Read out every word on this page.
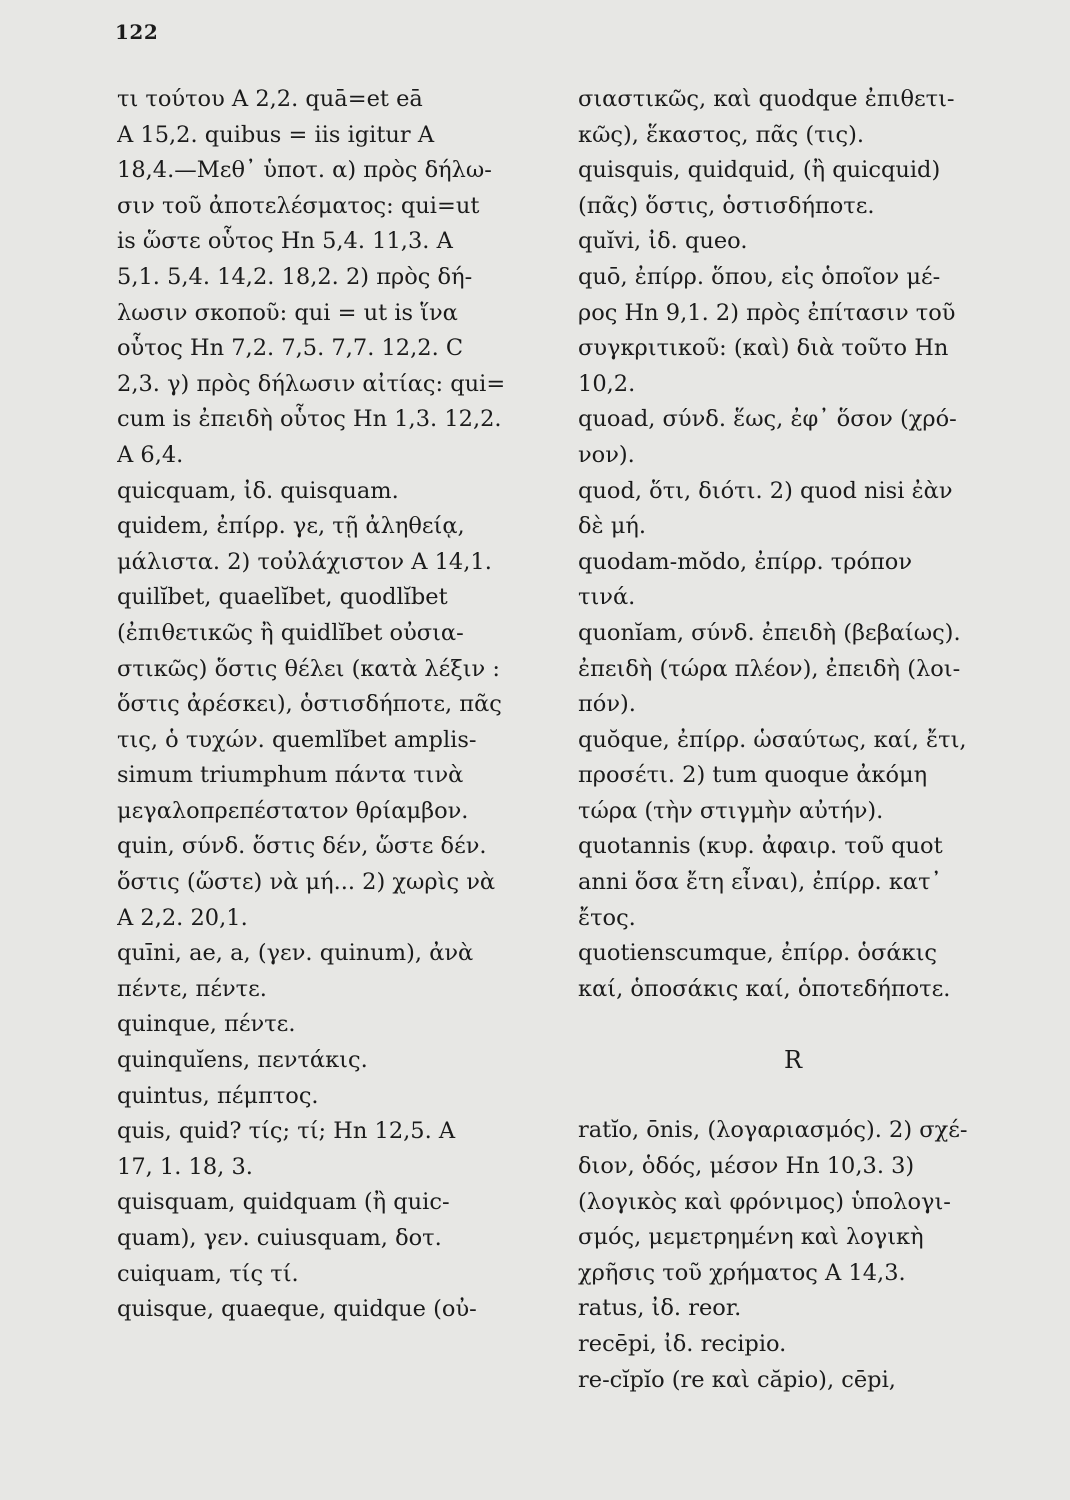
122
τι τούτου Α 2,2. quā=et eā
Α 15,2. quibus = iis igitur A
18,4.—Μεθ᾽ ὑποτ. α) πρὸς δήλω-
σιν τοῦ ἀποτελέσματος: qui=ut
is ὥστε οὗτος Hn 5,4. 11,3. A
5,1. 5,4. 14,2. 18,2. 2) πρὸς δή-
λωσιν σκοποῦ: qui = ut is ἵνα
οὗτος Hn 7,2. 7,5. 7,7. 12,2. C
2,3. γ) πρὸς δήλωσιν αἰτίας: qui=
cum is ἐπειδὴ οὗτος Hn 1,3. 12,2.
A 6,4.
quicquam, ἰδ. quisquam.
quidem, ἐπίρρ. γε, τῇ ἀληθείᾳ,
μάλιστα. 2) τοὐλάχιστον A 14,1.
quilĭbet, quaelĭbet, quodlĭbet
(ἐπιθετικῶς ἢ quidlĭbet οὐσια-
στικῶς) ὅστις θέλει (κατὰ λέξιν :
ὅστις ἀρέσκει), ὁστισδήποτε, πᾶς
τις, ὁ τυχών. quemlĭbet amplis-
simum triumphum πάντα τινὰ
μεγαλοπρεπέστατον θρίαμβον.
quin, σύνδ. ὅστις δέν, ὥστε δέν.
ὅστις (ὥστε) νὰ μή... 2) χωρὶς νὰ
A 2,2. 20,1.
quīni, ae, a, (γεν. quinum), ἀνὰ
πέντε, πέντε.
quinque, πέντε.
quinquĭens, πεντάκις.
quintus, πέμπτος.
quis, quid? τίς; τί; Hn 12,5. A
17, 1. 18, 3.
quisquam, quidquam (ἢ quic-
quam), γεν. cuiusquam, δοτ.
cuiquam, τίς τί.
quisque, quaeque, quidque (οὐ-
σιαστικῶς, καὶ quodque ἐπιθετι-
κῶς), ἕκαστος, πᾶς (τις).
quisquis, quidquid, (ἢ quicquid)
(πᾶς) ὅστις, ὁστισδήποτε.
quĭvi, ἰδ. queo.
quō, ἐπίρρ. ὅπου, εἰς ὁποῖον μέ-
ρος Hn 9,1. 2) πρὸς ἐπίτασιν τοῦ
συγκριτικοῦ: (καὶ) διὰ τοῦτο Hn
10,2.
quoad, σύνδ. ἕως, ἐφ᾽ ὅσον (χρό-
νον).
quod, ὅτι, διότι. 2) quod nisi ἐὰν
δὲ μή.
quodam-mŏdo, ἐπίρρ. τρόπον
τινά.
quonĭam, σύνδ. ἐπειδὴ (βεβαίως).
ἐπειδὴ (τώρα πλέον), ἐπειδὴ (λοι-
πόν).
quŏque, ἐπίρρ. ὡσαύτως, καί, ἔτι,
προσέτι. 2) tum quoque ἀκόμη
τώρα (τὴν στιγμὴν αὐτήν).
quotannis (κυρ. ἀφαιρ. τοῦ quot
anni ὅσα ἔτη εἶναι), ἐπίρρ. κατ᾽
ἔτος.
quotienscumque, ἐπίρρ. ὁσάκις
καί, ὁποσάκις καί, ὁποτεδήποτε.
R
ratĭo, ōnis, (λογαριασμός). 2) σχέ-
διον, ὁδός, μέσον Hn 10,3. 3)
(λογικὸς καὶ φρόνιμος) ὑπολογι-
σμός, μεμετρημένη καὶ λογικὴ
χρῆσις τοῦ χρήματος A 14,3.
ratus, ἰδ. reor.
recēpi, ἰδ. recipio.
re-cĭpĭo (re καὶ căpio), cēpi,
